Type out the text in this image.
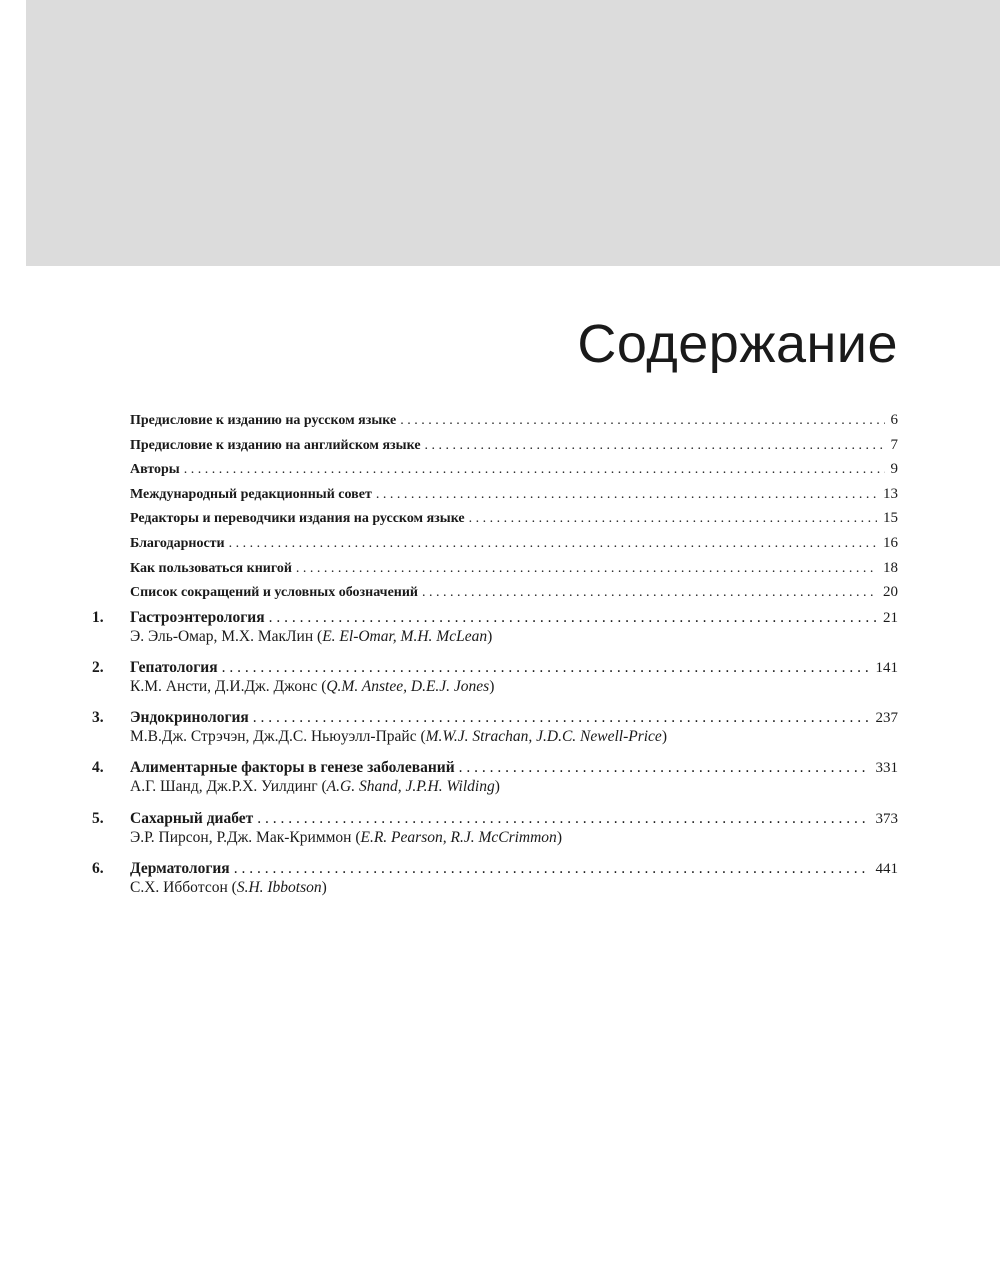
Содержание
Предисловие к изданию на русском языке . . .	6
Предисловие к изданию на английском языке . . .	7
Авторы . . .	9
Международный редакционный совет . . .	13
Редакторы и переводчики издания на русском языке . . .	15
Благодарности . . .	16
Как пользоваться книгой . . .	18
Список сокращений и условных обозначений . . .	20
1.	Гастроэнтерология . . .	21
Э. Эль-Омар, М.Х. МакЛин (E. El-Omar, M.H. McLean)
2.	Гепатология . . .	141
К.М. Ансти, Д.И.Дж. Джонс (Q.M. Anstee, D.E.J. Jones)
3.	Эндокринология . . .	237
М.В.Дж. Стрэчэн, Дж.Д.С. Ньюуэлл-Прайс (M.W.J. Strachan, J.D.C. Newell-Price)
4.	Алиментарные факторы в генезе заболеваний . . .	331
А.Г. Шанд, Дж.Р.Х. Уилдинг (A.G. Shand, J.P.H. Wilding)
5.	Сахарный диабет . . .	373
Э.Р. Пирсон, Р.Дж. Мак-Криммон (E.R. Pearson, R.J. McCrimmon)
6.	Дерматология . . .	441
С.Х. Иббoтсон (S.H. Ibbotson)
